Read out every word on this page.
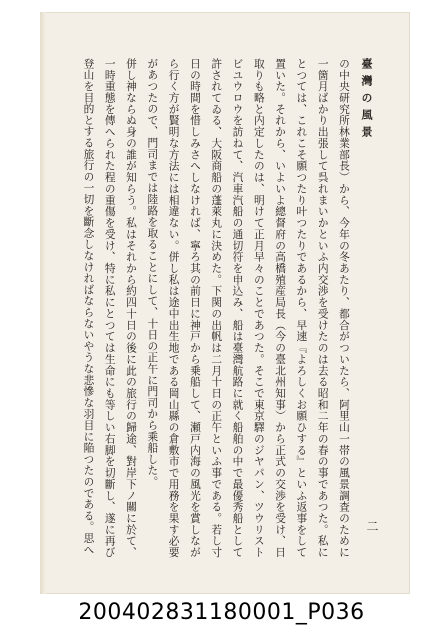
臺灣の風景

の中央研究所林業部長）から、今年の冬あたり、都合がついたら、阿里山一帯の風景調査のために一箇月ばかり出張して呉れまいかといふ内交渉を受けたのは去る昭和二年の春の事であつた。私にとつては、これこそ願つたり叶つたりであるから、早速『よろしくお願ひする』といふ返事をして置いた。それから、いよいよ總督府の高橋殖産局長（今の臺北州知事）から正式の交渉を受け、日取りも略と内定したのは、明けて正月早々のことであつた。そこで東京驛のジヤパン、ツウリストビユウロウを訪ねて、汽車汽船の通切符を申込み、船は臺灣航路に就く船舶の中で最優秀船として許されてゐる、大阪商船の蓬萊丸に決めた。下関の出帆は二月十日の正午といふ事である。若し寸日の時間を惜しみさへしなければ、寧ろ其の前日に神戸から乗船して、瀬戸内海の風光を賞しながら行く方が賢明な方法には相違ない。併し私は途中出生地である岡山縣の倉敷市で用務を果す必要があつたので、門司までは陸路を取ることにして、十日の正午に門司から乘船した。

併し神ならぬ身の誰が知らう。私はそれから約四十日の後に此の旅行の歸途、對岸下ノ關に於て、一時重態を傳へられた程の重傷を受け、特に私にとつては生命にも等しい右脚を切斷し、遂に再び登山を目的とする旅行の一切を斷念しなければならないやうな悲慘な羽目に陥つたのである。思へ	二
200402831180001_P036
